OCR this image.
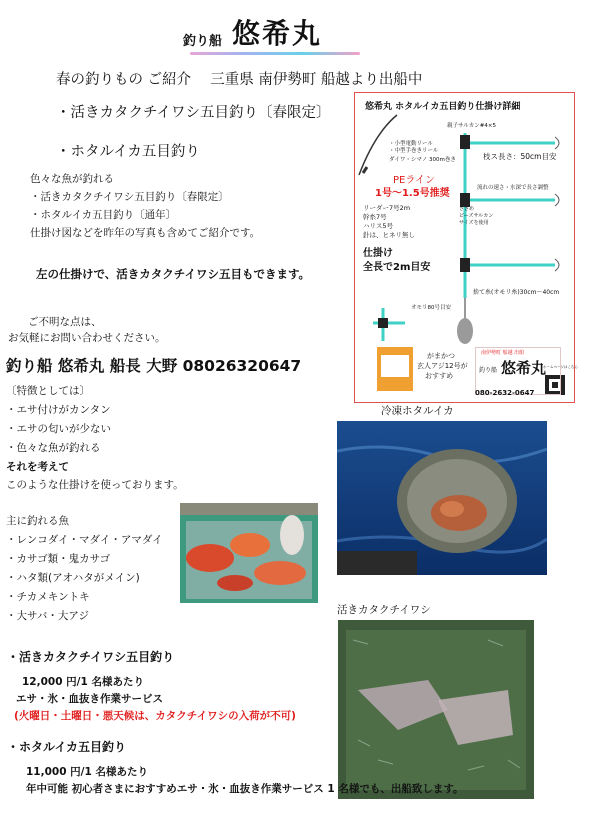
釣り船 悠希丸
春の釣りもの ご紹介　 三重県 南伊勢町 船越より出船中
・活きカタクチイワシ五目釣り〔春限定〕
・ホタルイカ五目釣り
色々な魚が釣れる
・活きカタクチイワシ五目釣り〔春限定〕
・ホタルイカ五目釣り〔通年〕
仕掛け図などを昨年の写真も含めてご紹介です。
左の仕掛けで、活きカタクチイワシ五目もできます。
ご不明な点は、
お気軽にお問い合わせください。
釣り船 悠希丸 船長 大野 08026320647
〔特徴としては〕
・エサ付けがカンタン
・エサの匂いが少ない
・色々な魚が釣れる
それを考えて
このような仕掛けを使っております。
主に釣れる魚
・レンコダイ・マダイ・アマダイ
・カサゴ類・鬼カサゴ
・ハタ類(アオハタがメイン)
・チカメキントキ
・大サバ・大アジ
冷凍ホタルイカ
活きカタクチイワシ
・活きカタクチイワシ五目釣り
12,000 円/1 名様あたり
エサ・氷・血抜き作業サービス
(火曜日・土曜日・悪天候は、カタクチイワシの入荷が不可)
・ホタルイカ五目釣り
11,000 円/1 名様あたり
年中可能 初心者さまにおすすめエサ・氷・血抜き作業サービス 1 名様でも、出船致します。
悠希丸 ホタルイカ五目釣り仕掛け詳細
親子サルカン#4×5
・小型電動リール
・中型手巻きリール
ダイワ・シマノ 300m巻き
PEライン
1号〜1.5号推奨
枝ス長さ：50cm目安
流れの速さ・水深で長さ調整
ささめ
ビーズサルカン
サイズを使用
リーダー7号2m
幹糸7号
ハリス5号
針は、ヒネリ無し
仕掛け
全長で2m目安
捨て糸(オモリ糸)30cm〜40cm
オモリ80号目安
がまかつ
玄人アジ12号が
おすすめ
南伊勢町 船越 出船
釣り船 悠希丸
080-2632-0647
ホームページはこちら
